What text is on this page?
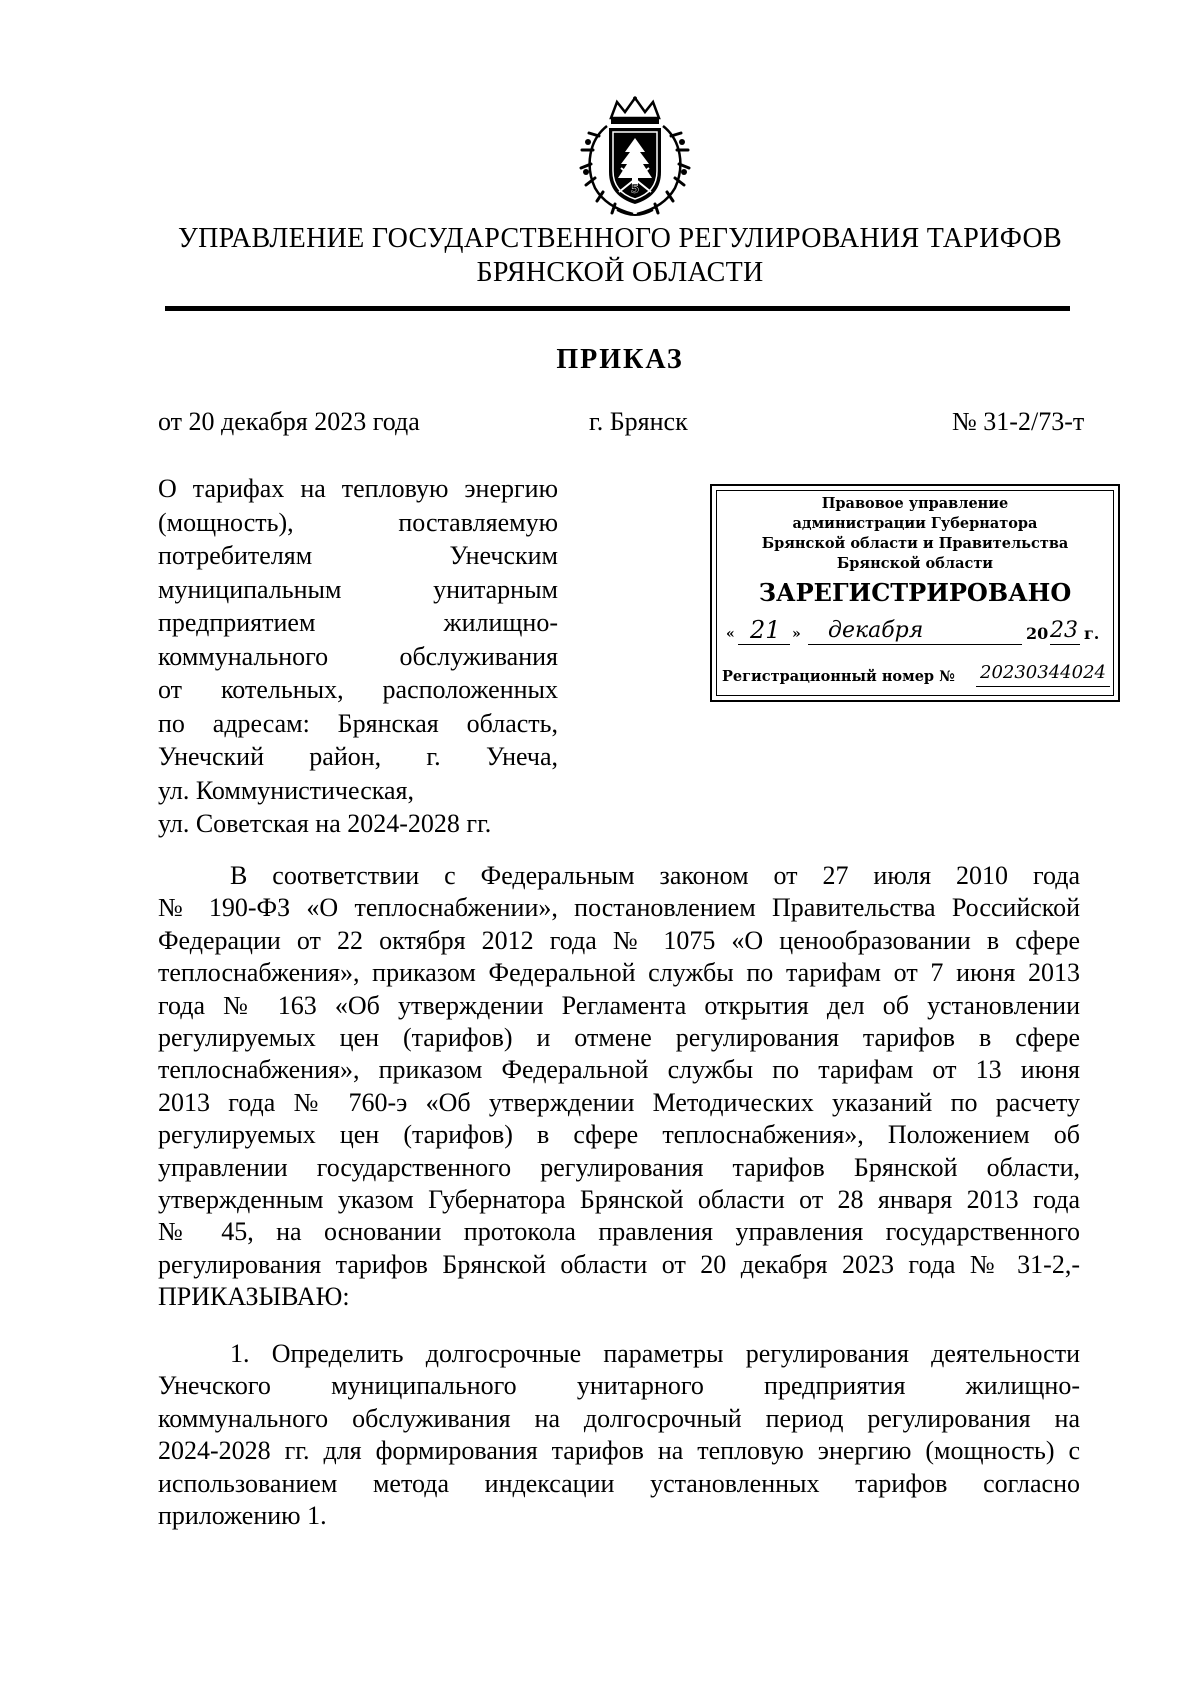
5
УПРАВЛЕНИЕ ГОСУДАРСТВЕННОГО РЕГУЛИРОВАНИЯ ТАРИФОВ
БРЯНСКОЙ ОБЛАСТИ
ПРИКАЗ
от 20 декабря 2023 года	г. Брянск	№ 31-2/73-т
О тарифах на тепловую энергию
(мощность), поставляемую
потребителям Унечским
муниципальным унитарным
предприятием жилищно-
коммунального обслуживания
от котельных, расположенных
по адресам: Брянская область,
Унечский район, г. Унеча,
ул. Коммунистическая,
ул. Советская на 2024-2028 гг.
Правовое управление
администрации Губернатора
Брянской области и Правительства
Брянской области
ЗАРЕГИСТРИРОВАНО
« 21 » декабря	20 23 г.
Регистрационный номер № 20230344024
В соответствии с Федеральным законом от 27 июля 2010 года
№ 190-ФЗ «О теплоснабжении», постановлением Правительства Российской
Федерации от 22 октября 2012 года № 1075 «О ценообразовании в сфере
теплоснабжения», приказом Федеральной службы по тарифам от 7 июня 2013
года № 163 «Об утверждении Регламента открытия дел об установлении
регулируемых цен (тарифов) и отмене регулирования тарифов в сфере
теплоснабжения», приказом Федеральной службы по тарифам от 13 июня
2013 года № 760-э «Об утверждении Методических указаний по расчету
регулируемых цен (тарифов) в сфере теплоснабжения», Положением об
управлении государственного регулирования тарифов Брянской области,
утвержденным указом Губернатора Брянской области от 28 января 2013 года
№ 45, на основании протокола правления управления государственного
регулирования тарифов Брянской области от 20 декабря 2023 года № 31-2,-
ПРИКАЗЫВАЮ:
1. Определить долгосрочные параметры регулирования деятельности
Унечского муниципального унитарного предприятия жилищно-
коммунального обслуживания на долгосрочный период регулирования на
2024-2028 гг. для формирования тарифов на тепловую энергию (мощность) с
использованием метода индексации установленных тарифов согласно
приложению 1.
